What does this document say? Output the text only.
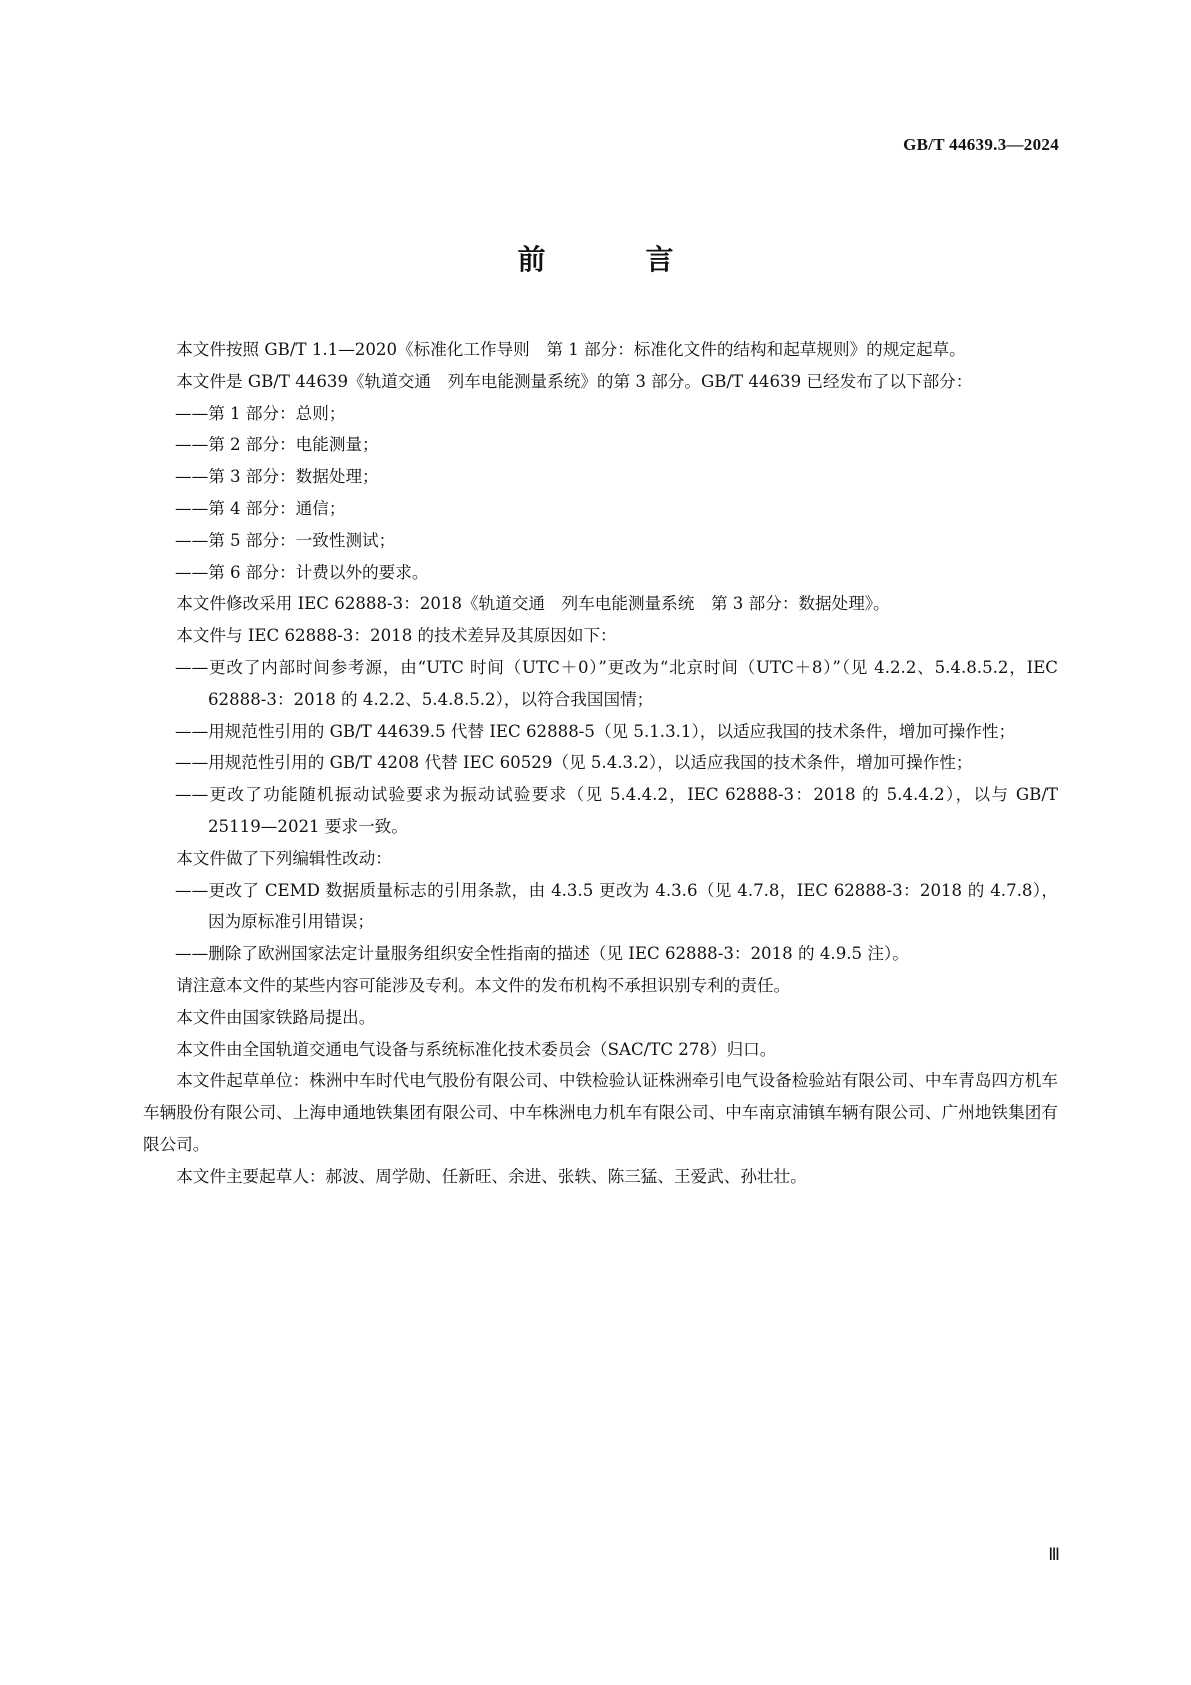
GB/T 44639.3—2024
前　言

本文件按照 GB/T 1.1—2020《标准化工作导则　第 1 部分：标准化文件的结构和起草规则》的规定起草。

本文件是 GB/T 44639《轨道交通　列车电能测量系统》的第 3 部分。GB/T 44639 已经发布了以下部分：

——第 1 部分：总则；

——第 2 部分：电能测量；

——第 3 部分：数据处理；

——第 4 部分：通信；

——第 5 部分：一致性测试；

——第 6 部分：计费以外的要求。

本文件修改采用 IEC 62888-3：2018《轨道交通　列车电能测量系统　第 3 部分：数据处理》。

本文件与 IEC 62888-3：2018 的技术差异及其原因如下：

——更改了内部时间参考源，由“UTC 时间（UTC＋0）”更改为“北京时间（UTC＋8）”（见 4.2.2、5.4.8.5.2，IEC 62888-3：2018 的 4.2.2、5.4.8.5.2），以符合我国国情；

——用规范性引用的 GB/T 44639.5 代替 IEC 62888-5（见 5.1.3.1），以适应我国的技术条件，增加可操作性；

——用规范性引用的 GB/T 4208 代替 IEC 60529（见 5.4.3.2），以适应我国的技术条件，增加可操作性；

——更改了功能随机振动试验要求为振动试验要求（见 5.4.4.2，IEC 62888-3：2018 的 5.4.4.2），以与 GB/T 25119—2021 要求一致。

本文件做了下列编辑性改动：

——更改了 CEMD 数据质量标志的引用条款，由 4.3.5 更改为 4.3.6（见 4.7.8，IEC 62888-3：2018 的 4.7.8），因为原标准引用错误；

——删除了欧洲国家法定计量服务组织安全性指南的描述（见 IEC 62888-3：2018 的 4.9.5 注）。

请注意本文件的某些内容可能涉及专利。本文件的发布机构不承担识别专利的责任。

本文件由国家铁路局提出。

本文件由全国轨道交通电气设备与系统标准化技术委员会（SAC/TC 278）归口。

本文件起草单位：株洲中车时代电气股份有限公司、中铁检验认证株洲牵引电气设备检验站有限公司、中车青岛四方机车车辆股份有限公司、上海申通地铁集团有限公司、中车株洲电力机车有限公司、中车南京浦镇车辆有限公司、广州地铁集团有限公司。

本文件主要起草人：郝波、周学勋、任新旺、余进、张轶、陈三猛、王爱武、孙壮壮。

Ⅲ
